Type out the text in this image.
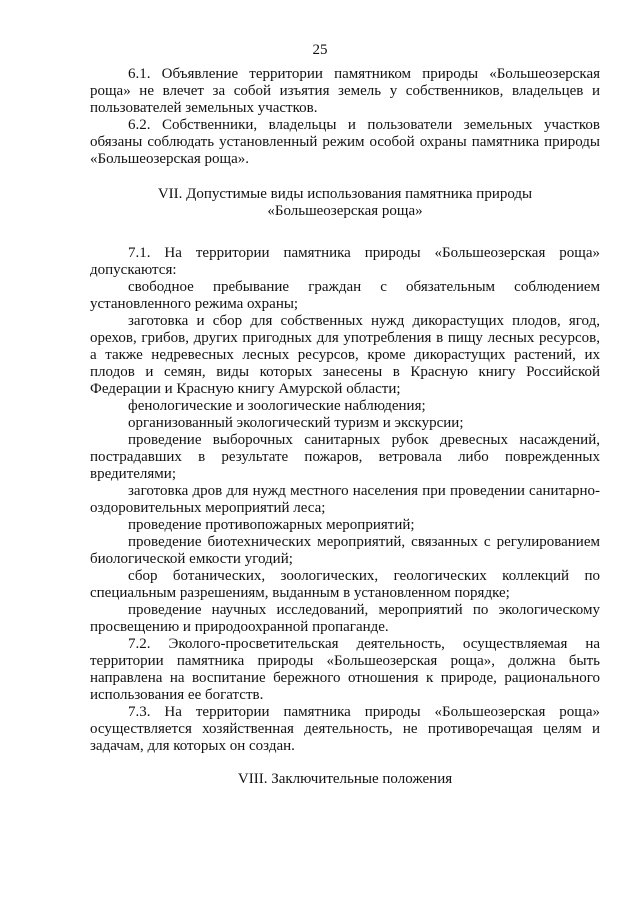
25

6.1. Объявление территории памятником природы «Большеозерская роща» не влечет за собой изъятия земель у собственников, владельцев и пользователей земельных участков.

6.2. Собственники, владельцы и пользователи земельных участков обязаны соблюдать установленный режим особой охраны памятника природы «Большеозерская роща».

VII. Допустимые виды использования памятника природы
«Большеозерская роща»

7.1. На территории памятника природы «Большеозерская роща» допускаются:

свободное пребывание граждан с обязательным соблюдением установленного режима охраны;

заготовка и сбор для собственных нужд дикорастущих плодов, ягод, орехов, грибов, других пригодных для употребления в пищу лесных ресурсов, а также недревесных лесных ресурсов, кроме дикорастущих растений, их плодов и семян, виды которых занесены в Красную книгу Российской Федерации и Красную книгу Амурской области;

фенологические и зоологические наблюдения;

организованный экологический туризм и экскурсии;

проведение выборочных санитарных рубок древесных насаждений, пострадавших в результате пожаров, ветровала либо поврежденных вредителями;

заготовка дров для нужд местного населения при проведении санитарно-оздоровительных мероприятий леса;

проведение противопожарных мероприятий;

проведение биотехнических мероприятий, связанных с регулированием биологической емкости угодий;

сбор ботанических, зоологических, геологических коллекций по специальным разрешениям, выданным в установленном порядке;

проведение научных исследований, мероприятий по экологическому просвещению и природоохранной пропаганде.

7.2. Эколого-просветительская деятельность, осуществляемая на территории памятника природы «Большеозерская роща», должна быть направлена на воспитание бережного отношения к природе, рационального использования ее богатств.

7.3. На территории памятника природы «Большеозерская роща» осуществляется хозяйственная деятельность, не противоречащая целям и задачам, для которых он создан.

VIII. Заключительные положения
